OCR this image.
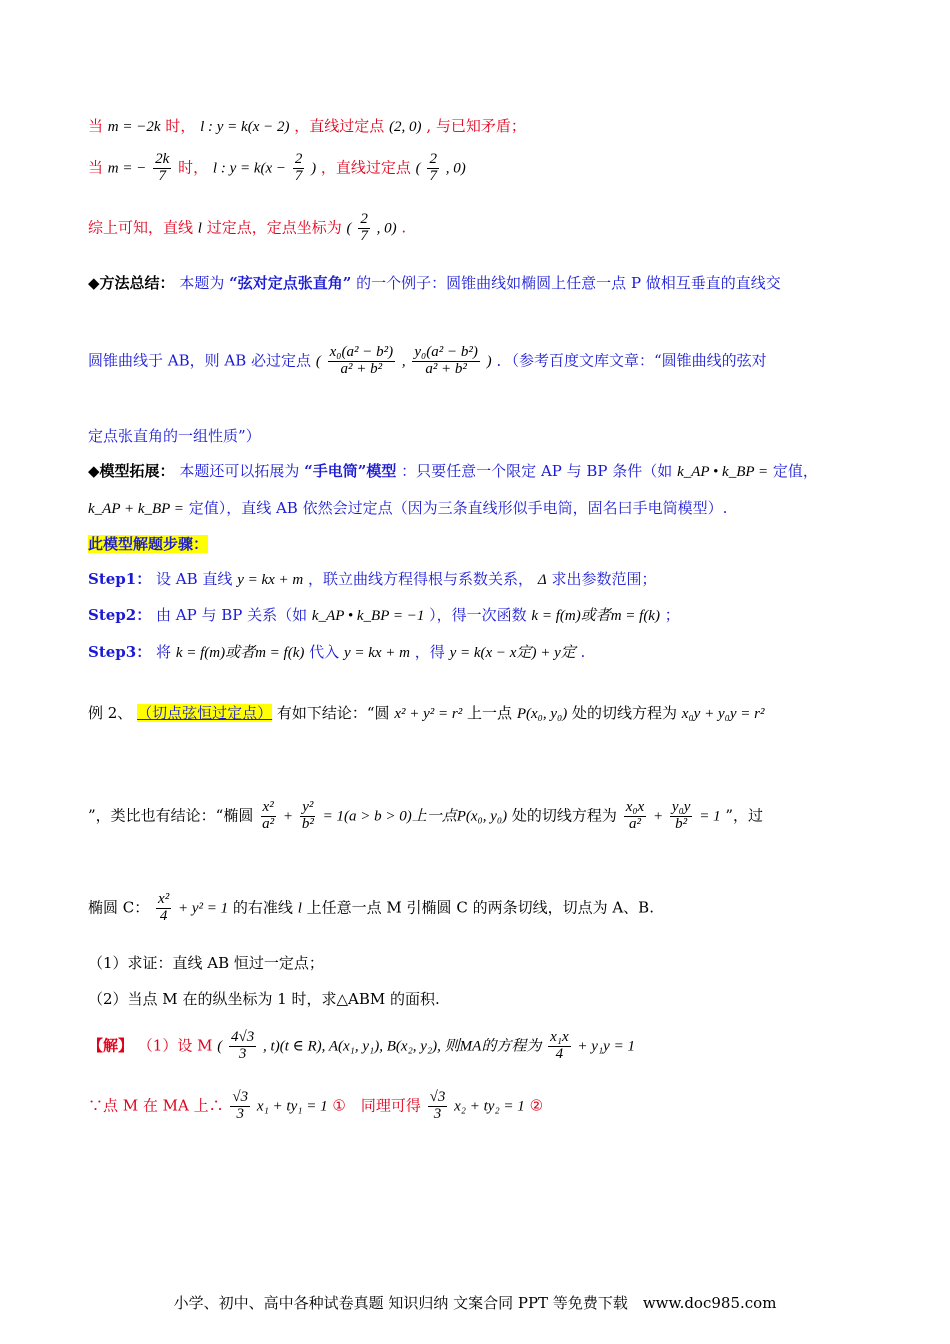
当 m = −2k 时， l : y = k(x − 2) ，直线过定点 (2, 0) , 与已知矛盾；
当 m = − $\frac{2k}{7}$ 时， l : $y = k(x - \frac{2}{7}$ ) ，直线过定点 ( $\frac{2}{7}$ , 0)
综上可知，直线 l 过定点，定点坐标为 ( $\frac{2}{7}$ , 0) .
◆方法总结： 本题为 “弦对定点张直角” 的一个例子：圆锥曲线如椭圆上任意一点 P 做相互垂直的直线交
圆锥曲线于 AB，则 AB 必过定点 ( $\frac{\text{x₀(a² − b²)}}{\text{a² + b²}}$ , $\frac{\text{y₀(a² − b²)}}{\text{a² + b²}}$ ) ．（参考百度文库文章：“圆锥曲线的弦对
定点张直角的一组性质”）
◆模型拓展： 本题还可以拓展为 “手电筒”模型 ：只要任意一个限定 AP 与 BP 条件（如 k_AP • k_BP = 定值，
k_AP + k_BP = 定值），直线 AB 依然会过定点（因为三条直线形似手电筒，固名曰手电筒模型）.
此模型解题步骤：
Step1： 设 AB 直线 y = kx + m ，联立曲线方程得根与系数关系， Δ 求出参数范围；
Step2： 由 AP 与 BP 关系（如 k_AP • k_BP = −1 ），得一次函数 k = f(m)或者m = f(k) ；
Step3： 将 k = f(m)或者m = f(k) 代入 y = kx + m ，得 y = k(x − x定) + y定 .
例 2、 （切点弦恒过定点） 有如下结论：“圆 x² + y² = r² 上一点 P(x₀, y₀) 处的切线方程为 x₀y + y₀y = r²
”，类比也有结论：“椭圆 $\frac{\text{x²}}{\text{a²}} + \frac{\text{y²}}{\text{b²}} = 1(a > b > 0)$上一点P(x₀, y₀) 处的切线方程为 $\frac{\text{x₀x}}{\text{a²}} + \frac{\text{y₀y}}{\text{b²}} = 1$ ”，过
椭圆 C： $\frac{\text{x²}}{4} + y^2 = 1$ 的右准线 l 上任意一点 M 引椭圆 C 的两条切线，切点为 A、B.
（1）求证：直线 AB 恒过一定点；
（2）当点 M 在的纵坐标为 1 时，求△ABM 的面积.
【解】 （1）设 M ( $\frac{4√3}{3}$ , t)(t ∈ R), A(x₁, y₁), B(x₂, y₂), 则MA的方程为 $\frac{\text{x₁x}}{4} + y_1y = 1$
∵点 M 在 MA 上∴ $\frac{√3}{3} x_1 + ty_1 = 1$ ①　同理可得 $\frac{√3}{3} x_2 + ty_2 = 1$ ②
小学、初中、高中各种试卷真题 知识归纳 文案合同 PPT 等免费下载　www.doc985.com
